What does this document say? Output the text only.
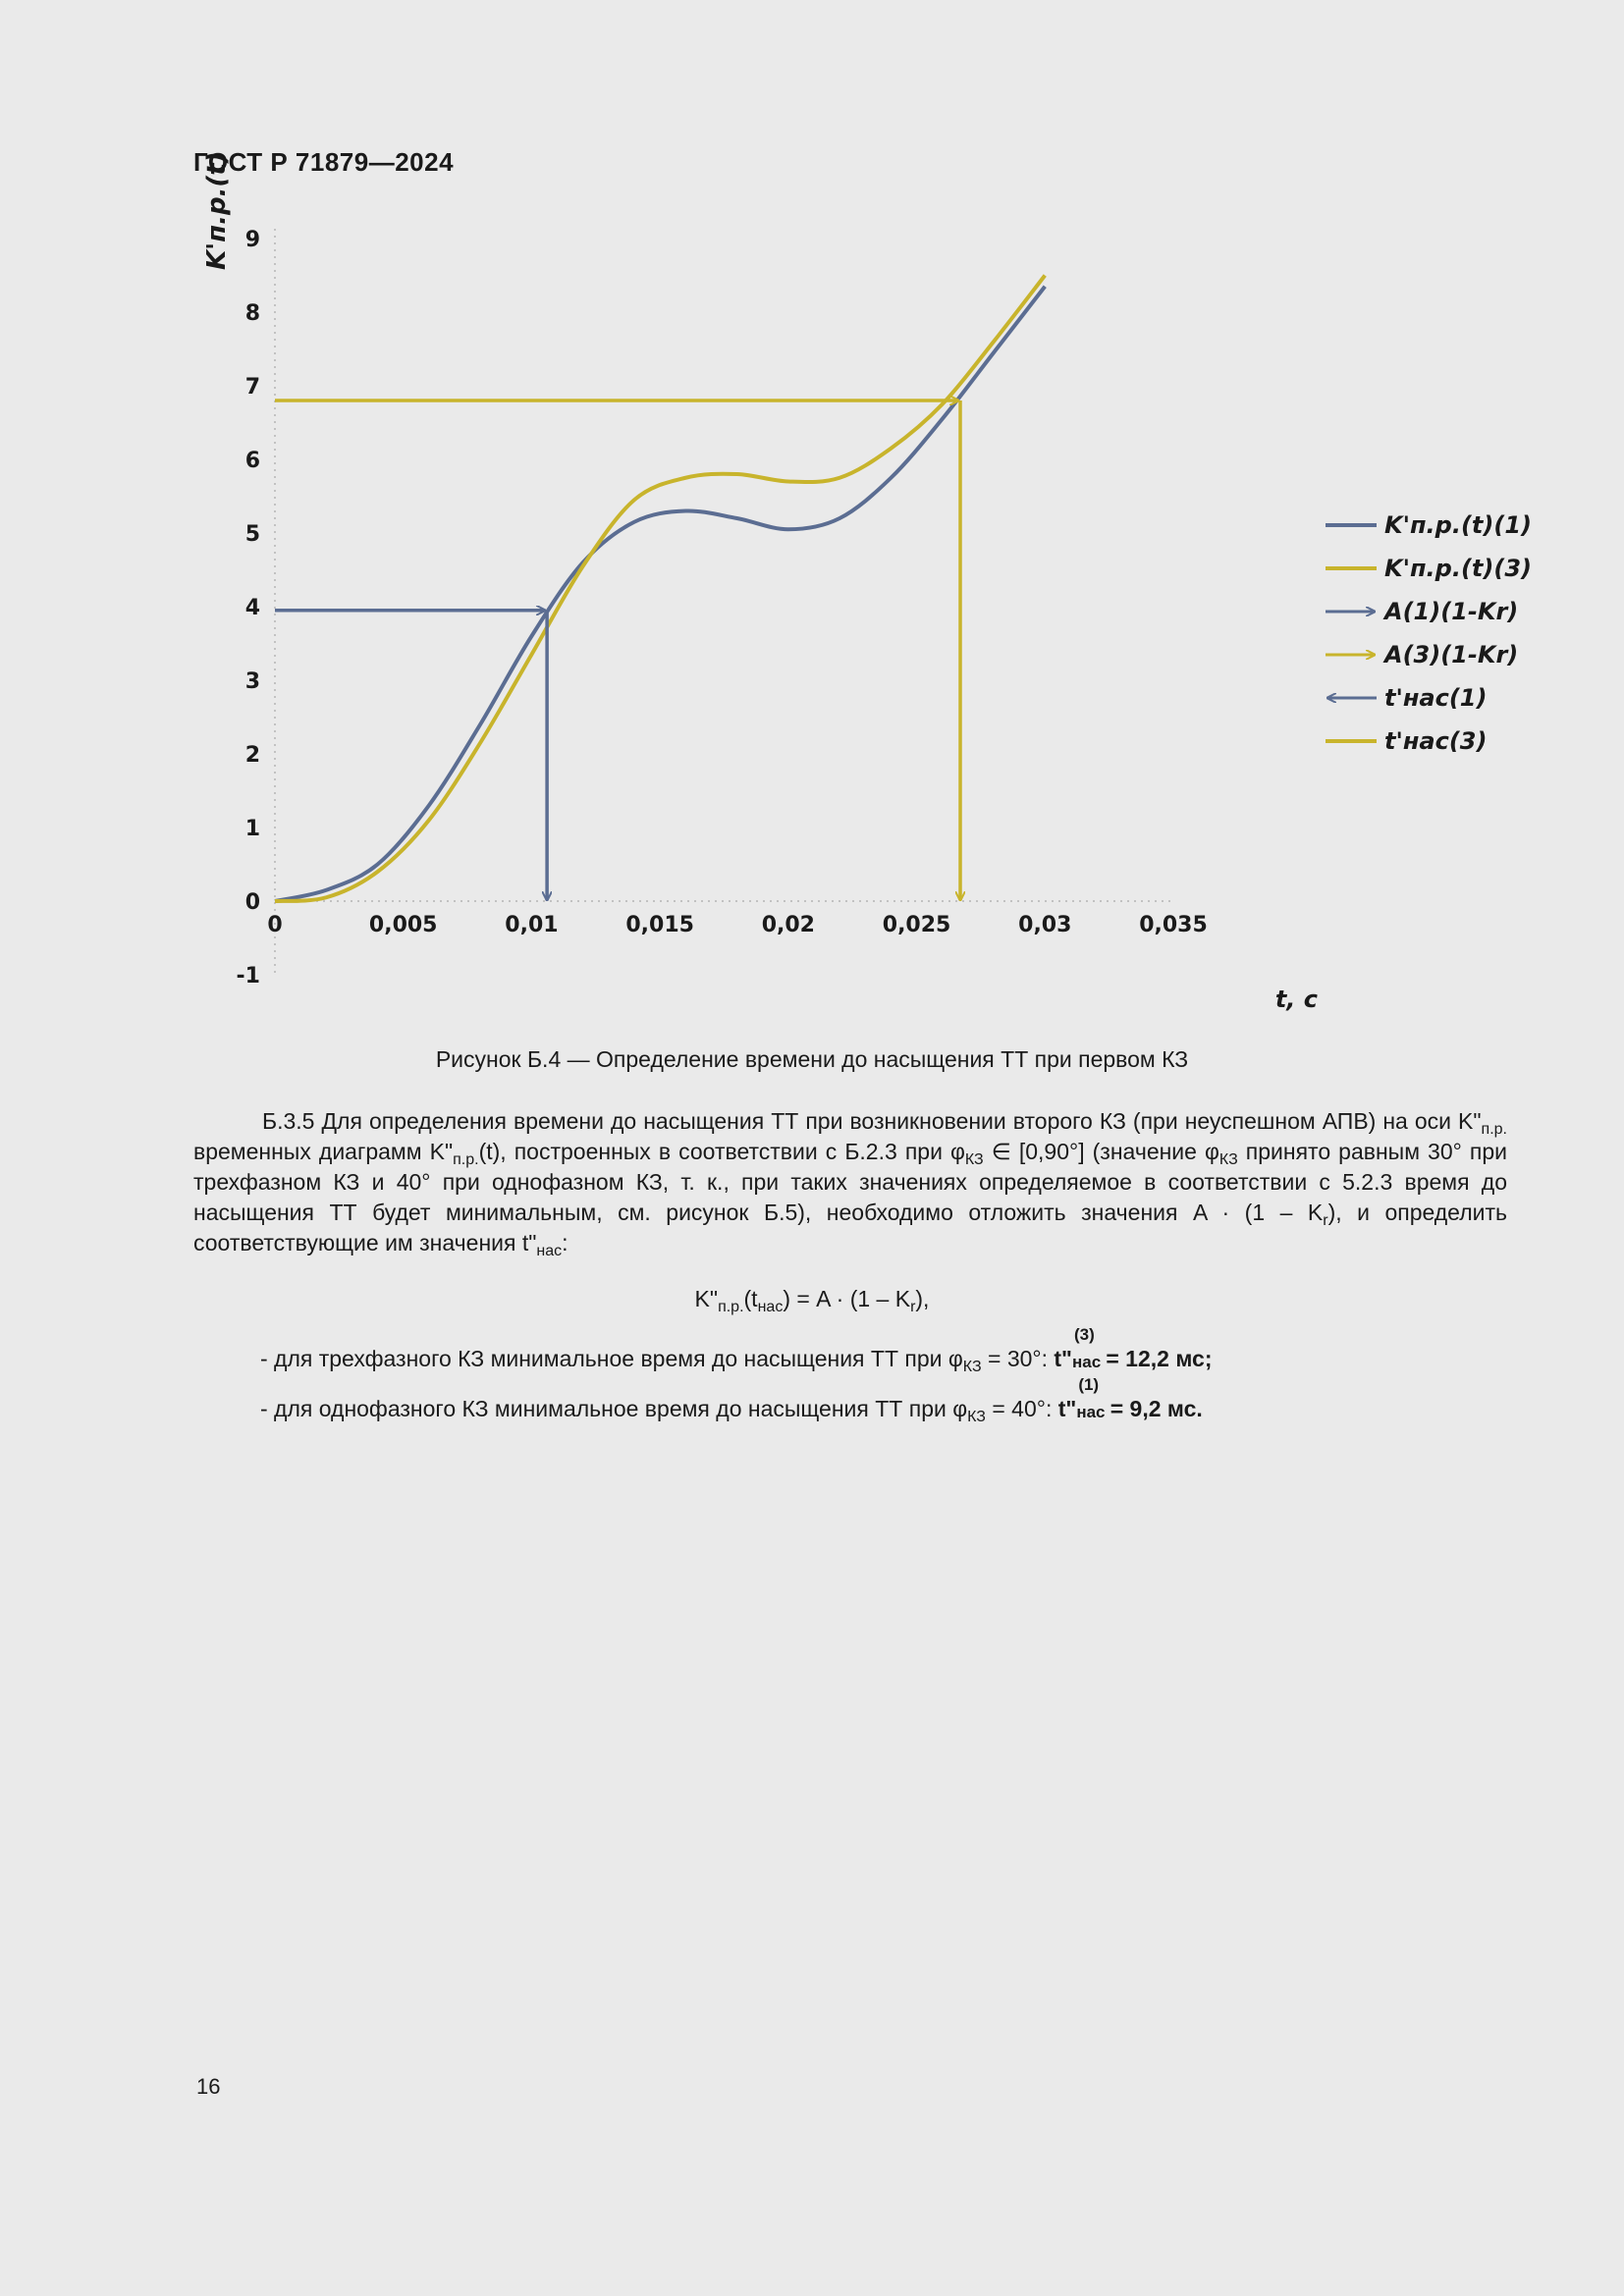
ГОСТ Р 71879—2024
9
8
7
6
5
4
3
2
1
0
-1
0	0,005	0,01	0,015	0,02	0,025	0,03	0,035
K'п.р.(t)
t, c
K'п.р.(t)(1)
K'п.р.(t)(3)
A(1)(1-Kr)
A(3)(1-Kr)
t'нас(1)
t'нас(3)
Рисунок Б.4 — Определение времени до насыщения ТТ при первом КЗ
Б.3.5 Для определения времени до насыщения ТТ при возникновении второго КЗ (при неуспешном АПВ) на оси $K"_{п.р.}$ временных диаграмм $K"_{п.р.}(t)$, построенных в соответствии с Б.2.3 при $\varphi_{КЗ}$ ∈ [0,90°] (значение $\varphi_{КЗ}$ принято равным 30° при трехфазном КЗ и 40° при однофазном КЗ, т. к., при таких значениях определяемое в соответствии с 5.2.3 время до насыщения ТТ будет минимальным, см. рисунок Б.5), необходимо отложить значения $A \cdot (1 - K_r)$, и определить соответствующие им значения $t"_{нас}$:
$K"_{п.р.}(t_{нас}) = A \cdot (1 - K_r)$,
- для трехфазного КЗ минимальное время до насыщения ТТ при $\varphi_{КЗ} = 30^\circ$: t"
(3)
нас
= 12,2 мс;
- для однофазного КЗ минимальное время до насыщения ТТ при $\varphi_{КЗ} = 40^\circ$: t"
(1)
нас
= 9,2 мс.
16
